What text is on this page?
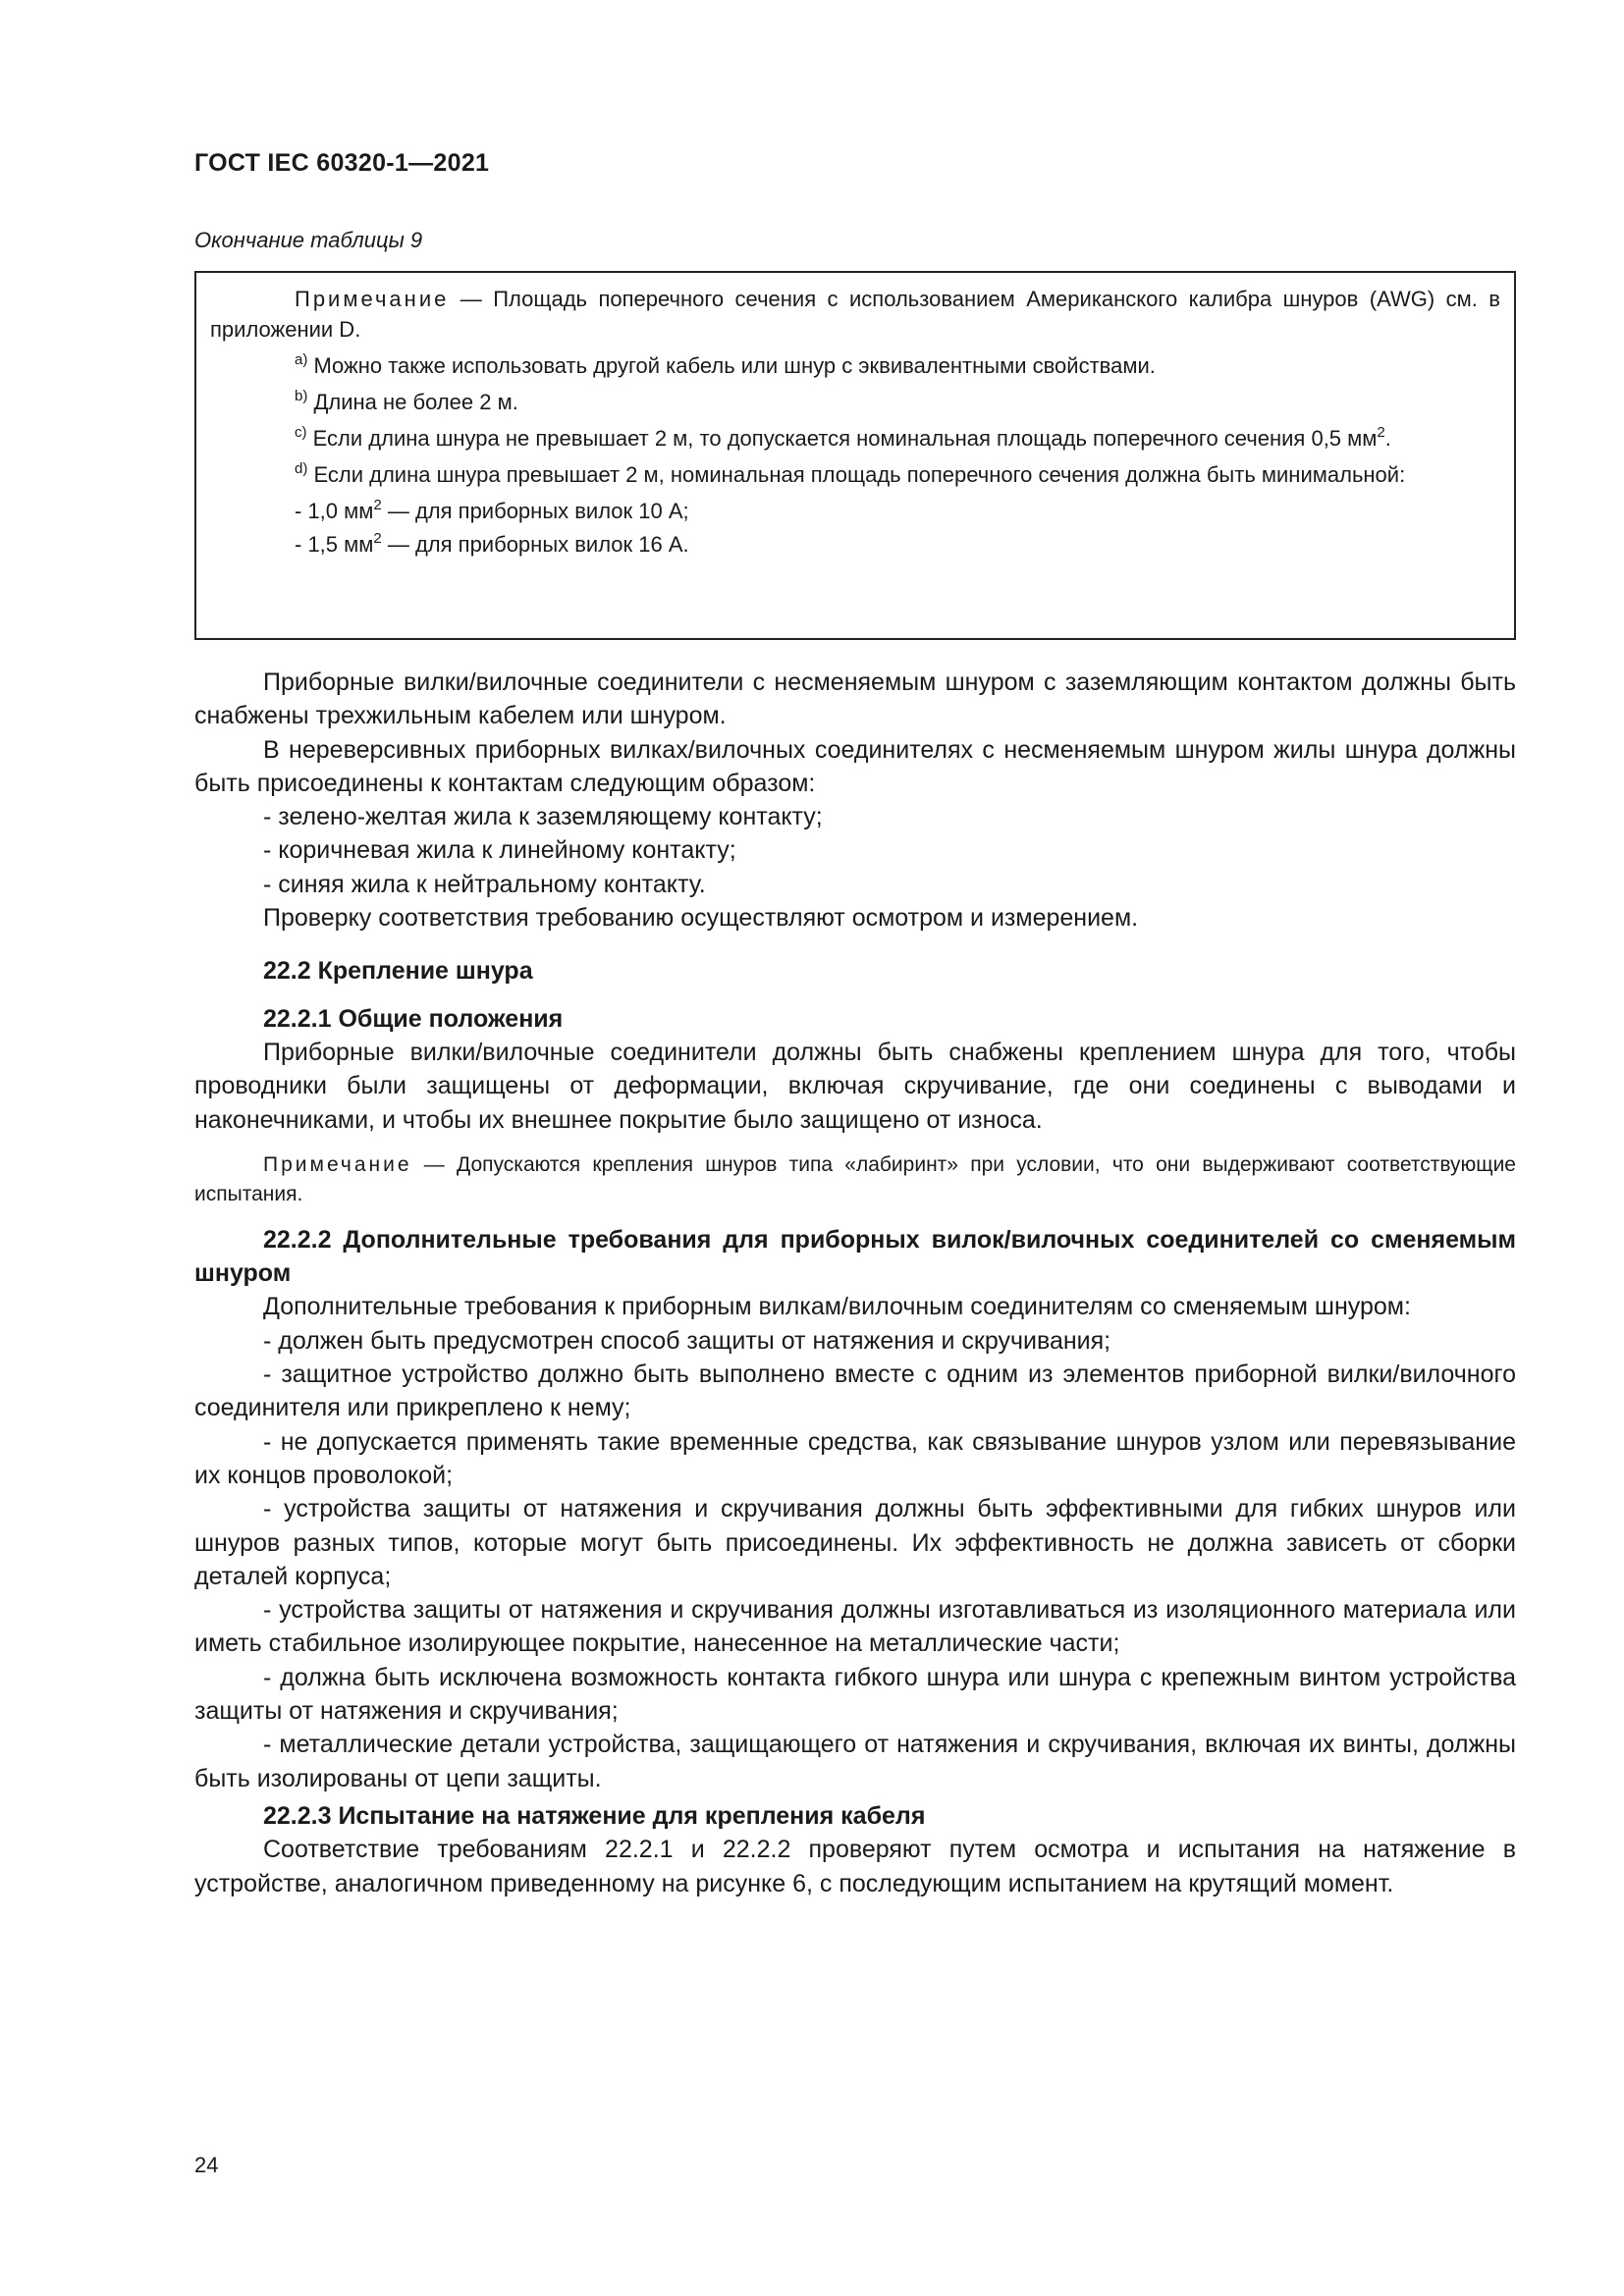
ГОСТ IEC 60320-1—2021
Окончание таблицы 9

Примечание — Площадь поперечного сечения с использованием Американского калибра шнуров (AWG) см. в приложении D.

$^{a)}$ Можно также использовать другой кабель или шнур с эквивалентными свойствами.

$^{b)}$ Длина не более 2 м.

$^{c)}$ Если длина шнура не превышает 2 м, то допускается номинальная площадь поперечного сечения 0,5 $мм^2$.

$^{d)}$ Если длина шнура превышает 2 м, номинальная площадь поперечного сечения должна быть минимальной:

- 1,0 $мм^2$ — для приборных вилок 10 А;

- 1,5 $мм^2$ — для приборных вилок 16 А.

Приборные вилки/вилочные соединители с несменяемым шнуром с заземляющим контактом должны быть снабжены трехжильным кабелем или шнуром.

В нереверсивных приборных вилках/вилочных соединителях с несменяемым шнуром жилы шнура должны быть присоединены к контактам следующим образом:

- зелено-желтая жила к заземляющему контакту;

- коричневая жила к линейному контакту;

- синяя жила к нейтральному контакту.

Проверку соответствия требованию осуществляют осмотром и измерением.

22.2 Крепление шнура

22.2.1 Общие положения

Приборные вилки/вилочные соединители должны быть снабжены креплением шнура для того, чтобы проводники были защищены от деформации, включая скручивание, где они соединены с выводами и наконечниками, и чтобы их внешнее покрытие было защищено от износа.

Примечание — Допускаются крепления шнуров типа «лабиринт» при условии, что они выдерживают соответствующие испытания.

22.2.2 Дополнительные требования для приборных вилок/вилочных соединителей со сменяемым шнуром

Дополнительные требования к приборным вилкам/вилочным соединителям со сменяемым шнуром:

- должен быть предусмотрен способ защиты от натяжения и скручивания;

- защитное устройство должно быть выполнено вместе с одним из элементов приборной вилки/вилочного соединителя или прикреплено к нему;

- не допускается применять такие временные средства, как связывание шнуров узлом или перевязывание их концов проволокой;

- устройства защиты от натяжения и скручивания должны быть эффективными для гибких шнуров или шнуров разных типов, которые могут быть присоединены. Их эффективность не должна зависеть от сборки деталей корпуса;

- устройства защиты от натяжения и скручивания должны изготавливаться из изоляционного материала или иметь стабильное изолирующее покрытие, нанесенное на металлические части;

- должна быть исключена возможность контакта гибкого шнура или шнура с крепежным винтом устройства защиты от натяжения и скручивания;

- металлические детали устройства, защищающего от натяжения и скручивания, включая их винты, должны быть изолированы от цепи защиты.

22.2.3 Испытание на натяжение для крепления кабеля

Соответствие требованиям 22.2.1 и 22.2.2 проверяют путем осмотра и испытания на натяжение в устройстве, аналогичном приведенному на рисунке 6, с последующим испытанием на крутящий момент.

24
